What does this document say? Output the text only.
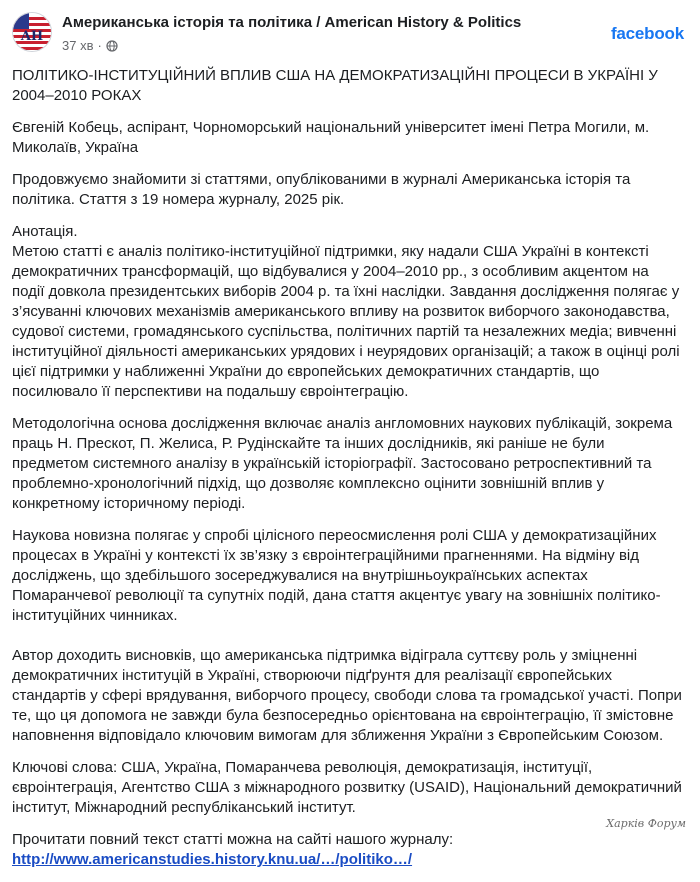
AH
Американська історія та політика / American History & Politics
37 хв ·
facebook

ПОЛІТИКО-ІНСТИТУЦІЙНИЙ ВПЛИВ США НА ДЕМОКРАТИЗАЦІЙНІ ПРОЦЕСИ В УКРАЇНІ У 2004–2010 РОКАХ

Євгеній Кобець, аспірант, Чорноморський національний університет імені Петра Могили, м. Миколаїв, Україна

Продовжуємо знайомити зі статтями, опублікованими в журналі Американська історія та політика. Стаття з 19 номера журналу, 2025 рік.

Анотація.

Метою статті є аналіз політико-інституційної підтримки, яку надали США Україні в контексті демократичних трансформацій, що відбувалися у 2004–2010 рр., з особливим акцентом на події довкола президентських виборів 2004 р. та їхні наслідки. Завдання дослідження полягає у з’ясуванні ключових механізмів американського впливу на розвиток виборчого законодавства, судової системи, громадянського суспільства, політичних партій та незалежних медіа; вивченні інституційної діяльності американських урядових і неурядових організацій; а також в оцінці ролі цієї підтримки у наближенні України до європейських демократичних стандартів, що посилювало її перспективи на подальшу євроінтеграцію.

Методологічна основа дослідження включає аналіз англомовних наукових публікацій, зокрема праць Н. Прескот, П. Желиса, Р. Рудінскайте та інших дослідників, які раніше не були предметом системного аналізу в українській історіографії. Застосовано ретроспективний та проблемно-хронологічний підхід, що дозволяє комплексно оцінити зовнішній вплив у конкретному історичному періоді.

Наукова новизна полягає у спробі цілісного переосмислення ролі США у демократизаційних процесах в Україні у контексті їх зв’язку з євроінтеграційними прагненнями. На відміну від досліджень, що здебільшого зосереджувалися на внутрішньоукраїнських аспектах Помаранчевої революції та супутніх подій, дана стаття акцентує увагу на зовнішніх політико-інституційних чинниках.

Автор доходить висновків, що американська підтримка відіграла суттєву роль у зміцненні демократичних інституцій в Україні, створюючи підґрунтя для реалізації європейських стандартів у сфері врядування, виборчого процесу, свободи слова та громадської участі. Попри те, що ця допомога не завжди була безпосередньо орієнтована на євроінтеграцію, її змістовне наповнення відповідало ключовим вимогам для зближення України з Європейським Союзом.

Ключові слова: США, Україна, Помаранчева революція, демократизація, інституції, євроінтеграція, Агентство США з міжнародного розвитку (USAID), Національний демократичний інститут, Міжнародний республіканський інститут.

Прочитати повний текст статті можна на сайті нашого журналу:

http://www.americanstudies.history.knu.ua/…/politiko…/

Харків Форум
